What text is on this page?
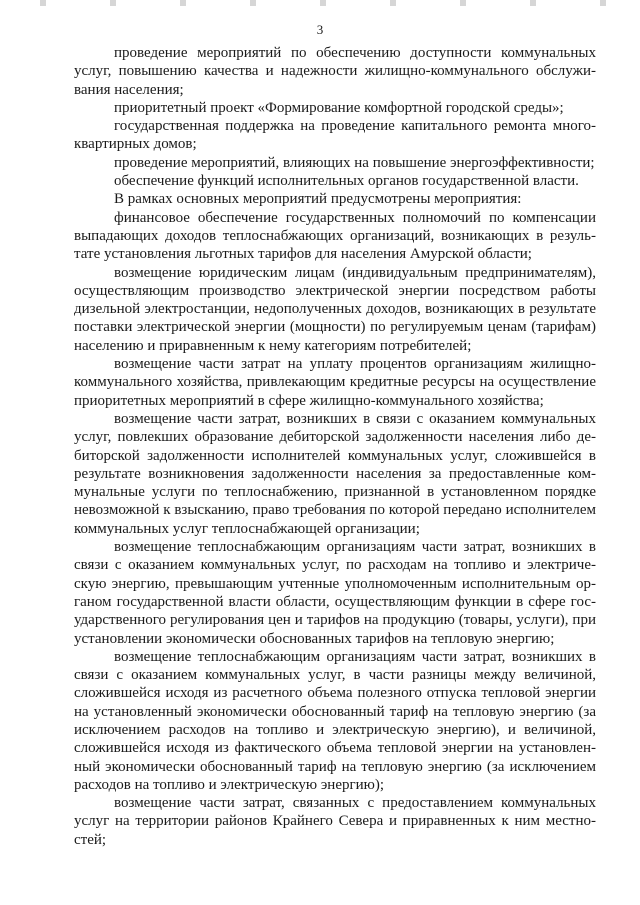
3

проведение мероприятий по обеспечению доступности коммунальных услуг, повышению качества и надежности жилищно-коммунального обслуживания населения;

приоритетный проект «Формирование комфортной городской среды»;

государственная поддержка на проведение капитального ремонта многоквартирных домов;

проведение мероприятий, влияющих на повышение энергоэффективности;

обеспечение функций исполнительных органов государственной власти.

В рамках основных мероприятий предусмотрены мероприятия:

финансовое обеспечение государственных полномочий по компенсации выпадающих доходов теплоснабжающих организаций, возникающих в результате установления льготных тарифов для населения Амурской области;

возмещение юридическим лицам (индивидуальным предпринимателям), осуществляющим производство электрической энергии посредством работы дизельной электростанции, недополученных доходов, возникающих в результате поставки электрической энергии (мощности) по регулируемым ценам (тарифам) населению и приравненным к нему категориям потребителей;

возмещение части затрат на уплату процентов организациям жилищно-коммунального хозяйства, привлекающим кредитные ресурсы на осуществление приоритетных мероприятий в сфере жилищно-коммунального хозяйства;

возмещение части затрат, возникших в связи с оказанием коммунальных услуг, повлекших образование дебиторской задолженности населения либо дебиторской задолженности исполнителей коммунальных услуг, сложившейся в результате возникновения задолженности населения за предоставленные коммунальные услуги по теплоснабжению, признанной в установленном порядке невозможной к взысканию, право требования по которой передано исполнителем коммунальных услуг теплоснабжающей организации;

возмещение теплоснабжающим организациям части затрат, возникших в связи с оказанием коммунальных услуг, по расходам на топливо и электрическую энергию, превышающим учтенные уполномоченным исполнительным органом государственной власти области, осуществляющим функции в сфере государственного регулирования цен и тарифов на продукцию (товары, услуги), при установлении экономически обоснованных тарифов на тепловую энергию;

возмещение теплоснабжающим организациям части затрат, возникших в связи с оказанием коммунальных услуг, в части разницы между величиной, сложившейся исходя из расчетного объема полезного отпуска тепловой энергии на установленный экономически обоснованный тариф на тепловую энергию (за исключением расходов на топливо и электрическую энергию), и величиной, сложившейся исходя из фактического объема тепловой энергии на установленный экономически обоснованный тариф на тепловую энергию (за исключением расходов на топливо и электрическую энергию);

возмещение части затрат, связанных с предоставлением коммунальных услуг на территории районов Крайнего Севера и приравненных к ним местностей;
